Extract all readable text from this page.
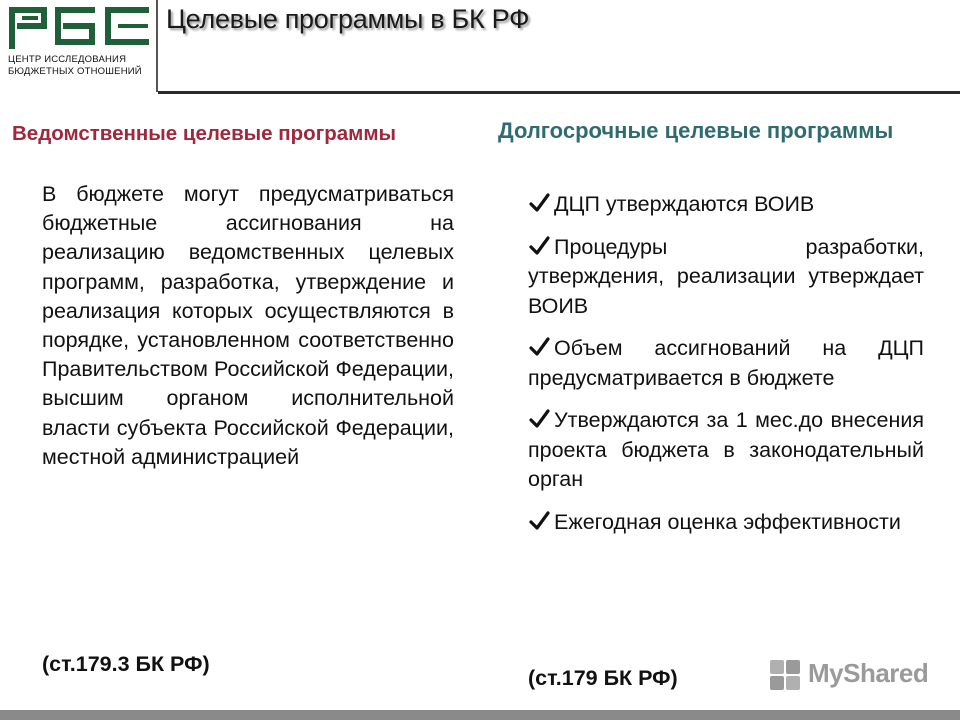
ЦЕНТР ИССЛЕДОВАНИЯ
БЮДЖЕТНЫХ ОТНОШЕНИЙ
Целевые программы в БК РФ
Ведомственные целевые программы	Долгосрочные целевые программы
В бюджете могут предусматриваться бюджетные ассигнования на реализацию ведомственных целевых программ, разработка, утверждение и реализация которых осуществляются в порядке, установленном соответственно Правительством Российской Федерации, высшим органом исполнительной власти субъекта Российской Федерации, местной администрацией
(ст.179.3 БК РФ)
ДЦП утверждаются ВОИВ
Процедуры разработки, утверждения, реализации утверждает ВОИВ
Объем ассигнований на ДЦП предусматривается в бюджете
Утверждаются за 1 мес.до внесения проекта бюджета в законодательный орган
Ежегодная оценка эффективности
(ст.179 БК РФ)	MyShared
